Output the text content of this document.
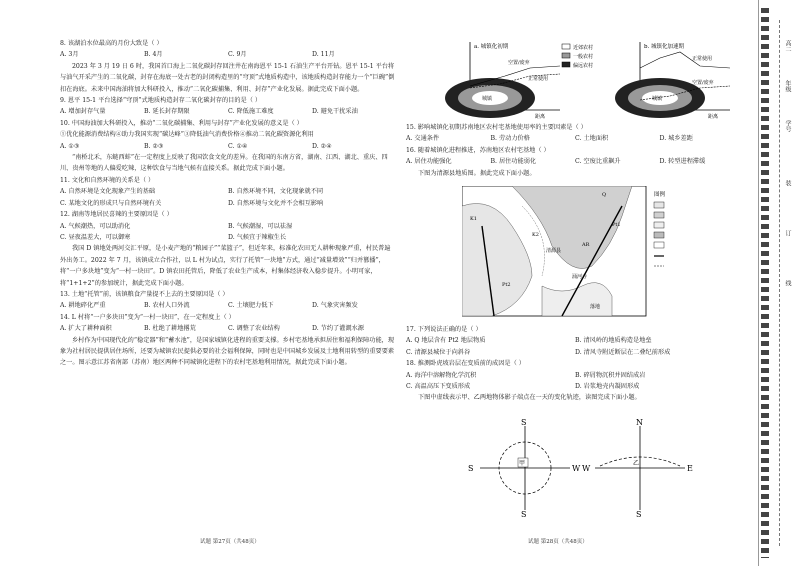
8. 该湖泊水位最高的月份大致是（ ）

A. 3月	B. 4月	C. 9月	D. 11月

2023 年 3 月 19 日 6 时，我国首口海上二氧化碳封存回注井在南海恩平 15-1 石油生产平台开钻。恩平 15-1 平台将与油气开采产生的二氧化碳，封存在海底一处古老的封闭构造里的“穹顶”式地质构造中，该地质构造封存能力一个“巨碗”倒扣在海底。未来中国海油将加大科研投入，推动“二氧化碳捕集、利用、封存”产业化发展。据此完成下面小题。

9. 恩平 15-1 平台选择“穹顶”式地质构造封存二氧化碳封存的目的是（ ）

A. 增加封存气量	B. 延长封存期限	C. 降低施工难度	D. 避免干扰采油

10. 中国海油加大科研投入，推动“二氧化碳捕集、利用与封存”产业化发展的意义是（ ）

①优化能源消费结构④助力我国实现“碳达峰”③降低油气消费价格④推动二氧化碳资源化利用

A. ①③	B. ②③	C. ①④	D. ②④

“南桥北禾，东鲢西蚌”在一定程度上反映了我国饮食文化的差异。在我国的东南方省，湖南、江西、湖北、重庆、四川、贵州等地的人偏爱吃辣，这种饮食与当地气候有直接关系。据此完成下面小题。

11. 文化和自然环境的关系是（ ）

A. 自然环境是文化现象产生的基础	B. 自然环境不同，文化现象就不同
C. 某地文化的形成只与自然环境有关	D. 自然环境与文化并不会相互影响

12. 湖南等地居民喜辣的主要原因是（ ）

A. 气候潮热，可以助消化	B. 气候潮湿，可以祛湿
C. 昼夜温差大，可以御寒	D. 气候宜于辣椒生长

我国 D 镇地处两河交汇平原，是小麦产地的“粮园子”“菜篮子”，但近年来，标准化农田无人耕种现象严重，村民普遍外出务工。2022 年 7 月，该镇成立合作社，以 L 村为试点，实行了托管“一块地”方式，通过“减量增效”“归并篡播”，将“一户多块地”变为“一村一块田”。D 镇农田托管后，降低了农业生产成本，村集体经济收入稳步提升。小明可家，将“1+1+2”的参加统计，据此完成下面小题。

13. 土地“托管”前，该镇粮食产量提不上去的主要原因是（ ）

A. 耕地碎化严重	B. 农村人口外流	C. 土壤肥力低下	D. 气象灾害频发

14. L 村将“一户多块田”变为“一村一块田”，在一定程度上（ ）

A. 扩大了耕种面积	B. 杜绝了耕地撂荒	C. 调整了农业结构	D. 节约了灌溉水源

乡村作为中国现代化的“稳定器”和“蓄水池”，是国家城镇化进程的重要支撑。乡村宅基地承担居住和福利保障功能，现象为社村居民提供居住场所，还要为城镇农民提供必要的社会福利保障，同时也是中国城乡发展及土地利用转型的重要要素之一。图示意江苏省南部（苏南）地区两种不同城镇化进程下的农村宅基地利用情况，据此完成下面小题。

试题 第27页（共48页）
a. 城镇化初期
空置/废弃
正常使用
距离
城镇
近郊农村
一般农村
偏远农村
b. 城镇化加速期
正常使用
空置/废弃
距离
城镇

15. 影响城镇化初期苏南地区农村宅基地使用率的主要因素是（ ）

A. 交通条件	B. 劳动力价格	C. 土地面积	D. 城乡差距

16. 随着城镇化进程推进，苏南地区农村宅基地（ ）

A. 居住功能强化	B. 居住功能弱化	C. 空废比重飙升	D. 转型进程滞缓

下图为清源县地质图。据此完成下面小题。

K1
K2
AR
Pt1
Pt2
Q
清源县
涌河寺
落地
图例

17. 下列说法正确的是（ ）

A. Q 地层含有 Pt2 地层物质	B. 清风岭的地质构造是地垒
C. 清源县城位于向斜谷	D. 清风寺附近断层在二叠纪前形成

18. 推测卧虎坡岩层在变质前的成因是（ ）

A. 海洋中溶解物化学沉积	B. 碎屑物沉积并固结成岩
C. 高温高压下变质形成	D. 岩浆地壳内凝固形成

下图中虚线表示甲、乙两地物体影子端点在一天的变化轨迹，读图完成下面小题。

甲
S
S
S	W
乙
N
S
W	E
试题 第28页（共48页）
高二
年级
学号
装
订
线
